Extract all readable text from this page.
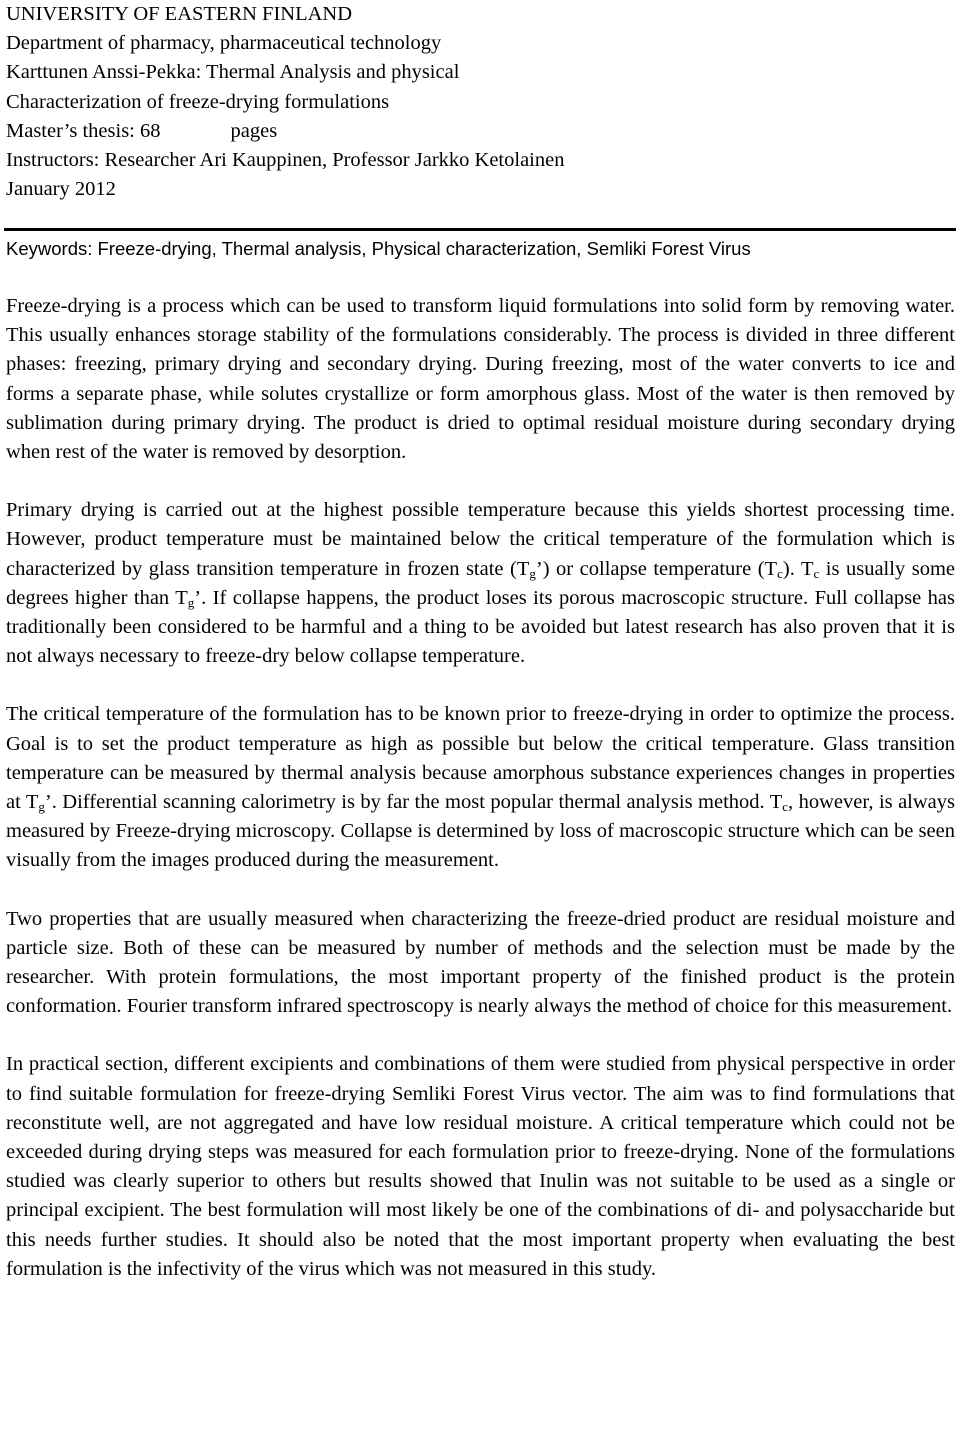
UNIVERSITY OF EASTERN FINLAND
Department of pharmacy, pharmaceutical technology
Karttunen Anssi-Pekka: Thermal Analysis and physical
Characterization of freeze-drying formulations
Master’s thesis: 68	pages
Instructors: Researcher Ari Kauppinen, Professor Jarkko Ketolainen
January 2012
Keywords: Freeze-drying, Thermal analysis, Physical characterization, Semliki Forest Virus

Freeze-drying is a process which can be used to transform liquid formulations into solid form by removing water. This usually enhances storage stability of the formulations considerably. The process is divided in three different phases: freezing, primary drying and secondary drying. During freezing, most of the water converts to ice and forms a separate phase, while solutes crystallize or form amorphous glass. Most of the water is then removed by sublimation during primary drying. The product is dried to optimal residual moisture during secondary drying when rest of the water is removed by desorption.

Primary drying is carried out at the highest possible temperature because this yields shortest processing time. However, product temperature must be maintained below the critical temperature of the formulation which is characterized by glass transition temperature in frozen state $(T_g’)$ or collapse temperature $(T_c)$. $T_c$ is usually some degrees higher than $T_g$’. If collapse happens, the product loses its porous macroscopic structure. Full collapse has traditionally been considered to be harmful and a thing to be avoided but latest research has also proven that it is not always necessary to freeze-dry below collapse temperature.

The critical temperature of the formulation has to be known prior to freeze-drying in order to optimize the process. Goal is to set the product temperature as high as possible but below the critical temperature. Glass transition temperature can be measured by thermal analysis because amorphous substance experiences changes in properties at $T_g$’. Differential scanning calorimetry is by far the most popular thermal analysis method. $T_c$, however, is always measured by Freeze-drying microscopy. Collapse is determined by loss of macroscopic structure which can be seen visually from the images produced during the measurement.

Two properties that are usually measured when characterizing the freeze-dried product are residual moisture and particle size. Both of these can be measured by number of methods and the selection must be made by the researcher. With protein formulations, the most important property of the finished product is the protein conformation. Fourier transform infrared spectroscopy is nearly always the method of choice for this measurement.

In practical section, different excipients and combinations of them were studied from physical perspective in order to find suitable formulation for freeze-drying Semliki Forest Virus vector. The aim was to find formulations that reconstitute well, are not aggregated and have low residual moisture. A critical temperature which could not be exceeded during drying steps was measured for each formulation prior to freeze-drying. None of the formulations studied was clearly superior to others but results showed that Inulin was not suitable to be used as a single or principal excipient. The best formulation will most likely be one of the combinations of di- and polysaccharide but this needs further studies. It should also be noted that the most important property when evaluating the best formulation is the infectivity of the virus which was not measured in this study.
